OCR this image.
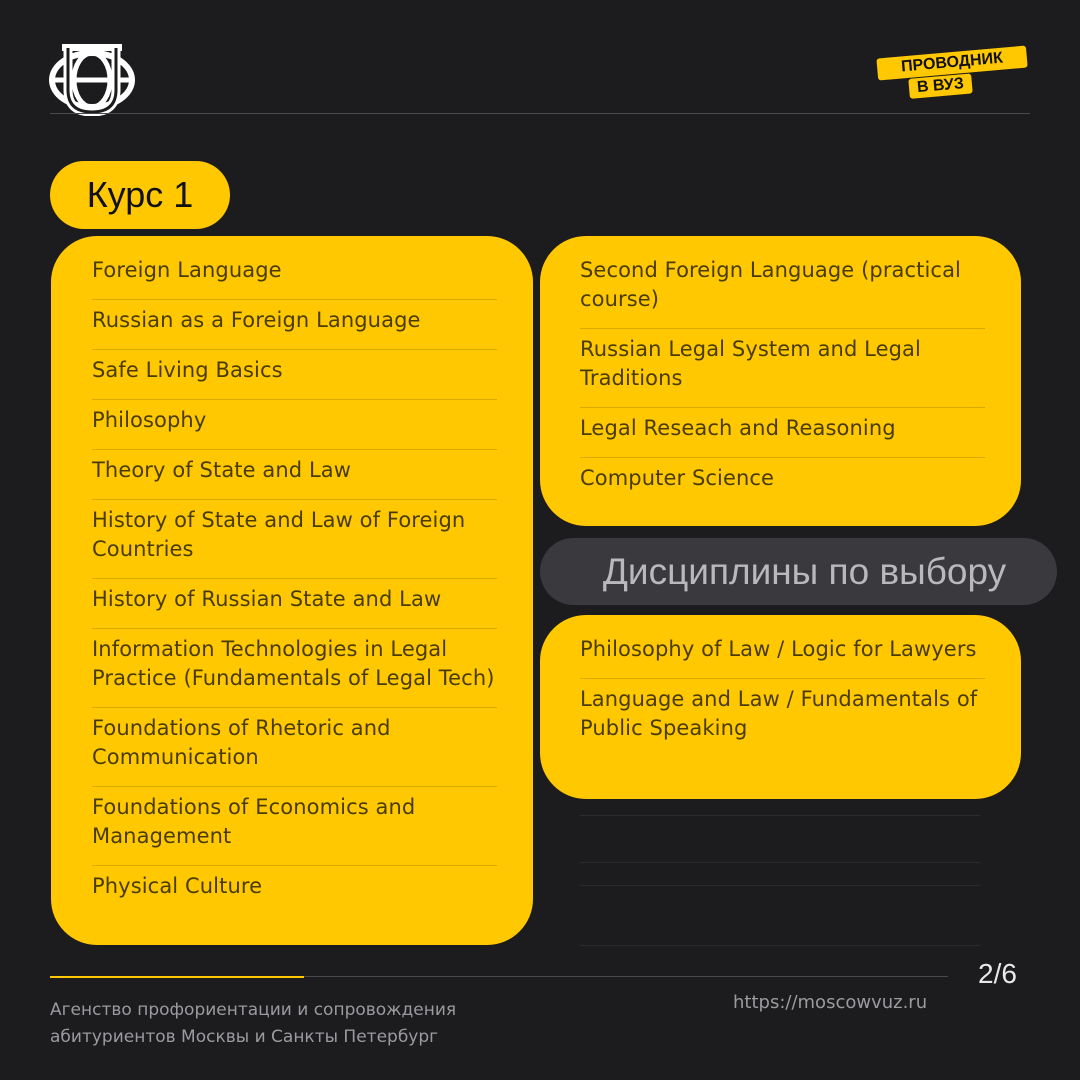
ПРОВОДНИК
В ВУЗ
Курс 1
Foreign Language
Russian as a Foreign Language
Safe Living Basics
Philosophy
Theory of State and Law
History of State and Law of Foreign Countries
History of Russian State and Law
Information Technologies in Legal Practice (Fundamentals of Legal Tech)
Foundations of Rhetoric and Communication
Foundations of Economics and Management
Physical Culture
Second Foreign Language (practical course)
Russian Legal System and Legal Traditions
Legal Reseach and Reasoning
Computer Science
Дисциплины по выбору
Philosophy of Law / Logic for Lawyers
Language and Law / Fundamentals of Public Speaking
2/6
Агенство профориентации и сопровождения
абитуриентов Москвы и Санкты Петербург
https://moscowvuz.ru
